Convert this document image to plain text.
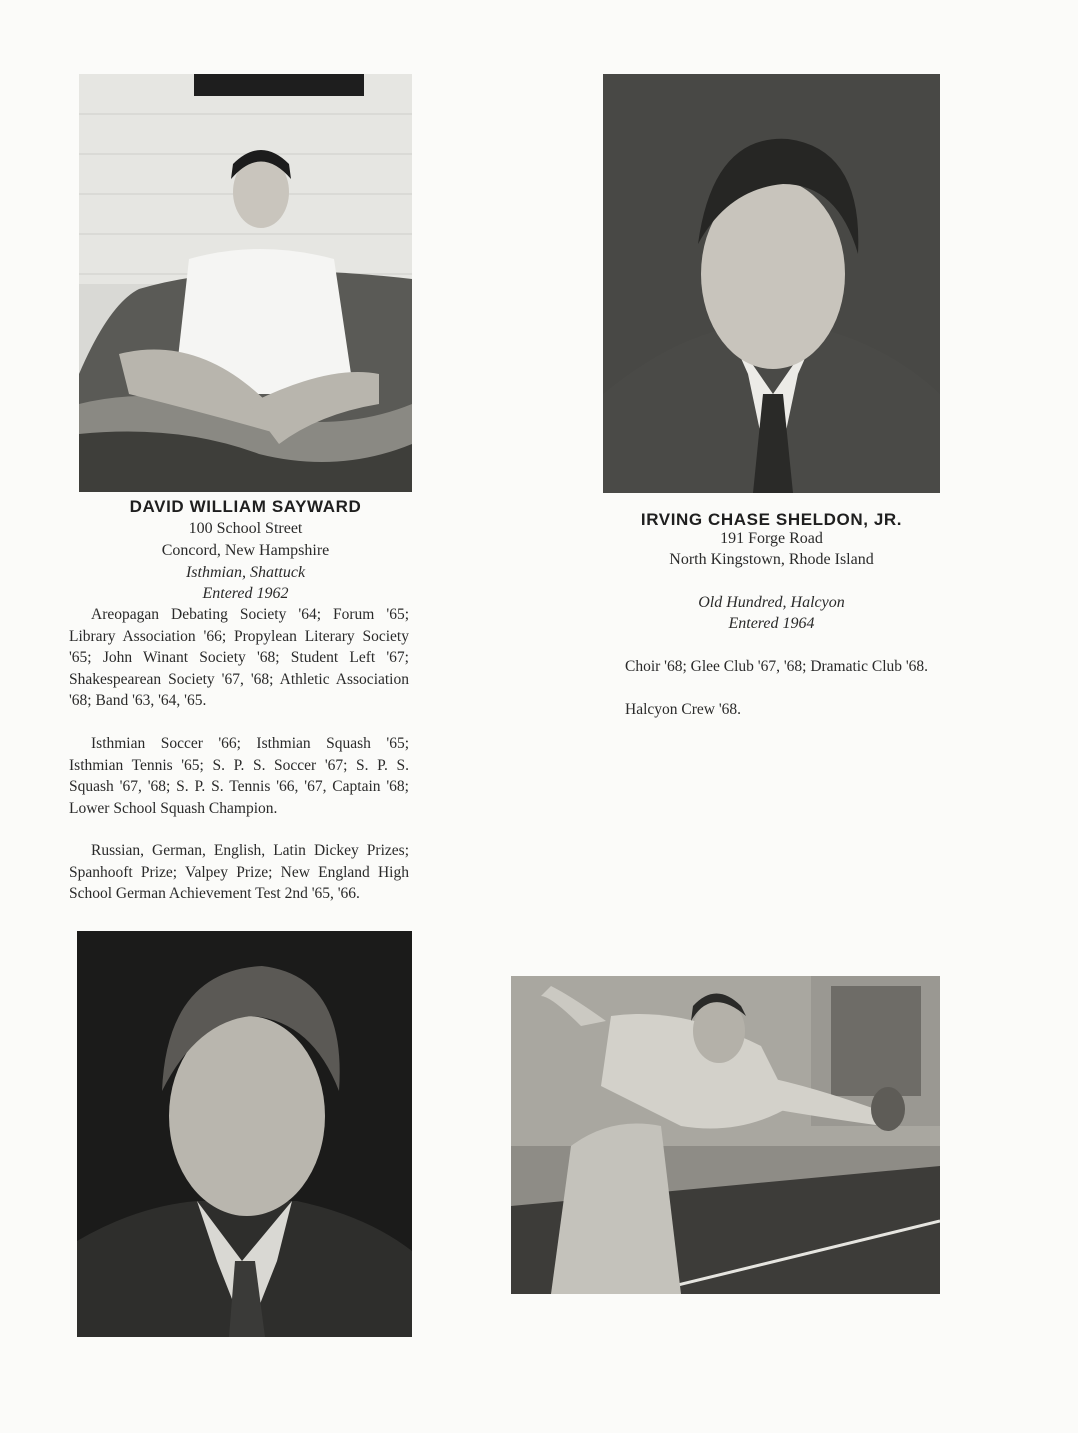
DAVID WILLIAM SAYWARD
100 School Street
Concord, New Hampshire
Isthmian, Shattuck
Entered 1962

Areopagan Debating Society '64; Forum '65; Library Association '66; Propylean Literary Society '65; John Winant Society '68; Student Left '67; Shakespearean Society '67, '68; Athletic Association '68; Band '63, '64, '65.

Isthmian Soccer '66; Isthmian Squash '65; Isthmian Tennis '65; S. P. S. Soccer '67; S. P. S. Squash '67, '68; S. P. S. Tennis '66, '67, Captain '68; Lower School Squash Champion.

Russian, German, English, Latin Dickey Prizes; Spanhooft Prize; Valpey Prize; New England High School German Achievement Test 2nd '65, '66.

IRVING CHASE SHELDON, JR.
191 Forge Road
North Kingstown, Rhode Island
Old Hundred, Halcyon
Entered 1964

Choir '68; Glee Club '67, '68; Dramatic Club '68.

Halcyon Crew '68.
